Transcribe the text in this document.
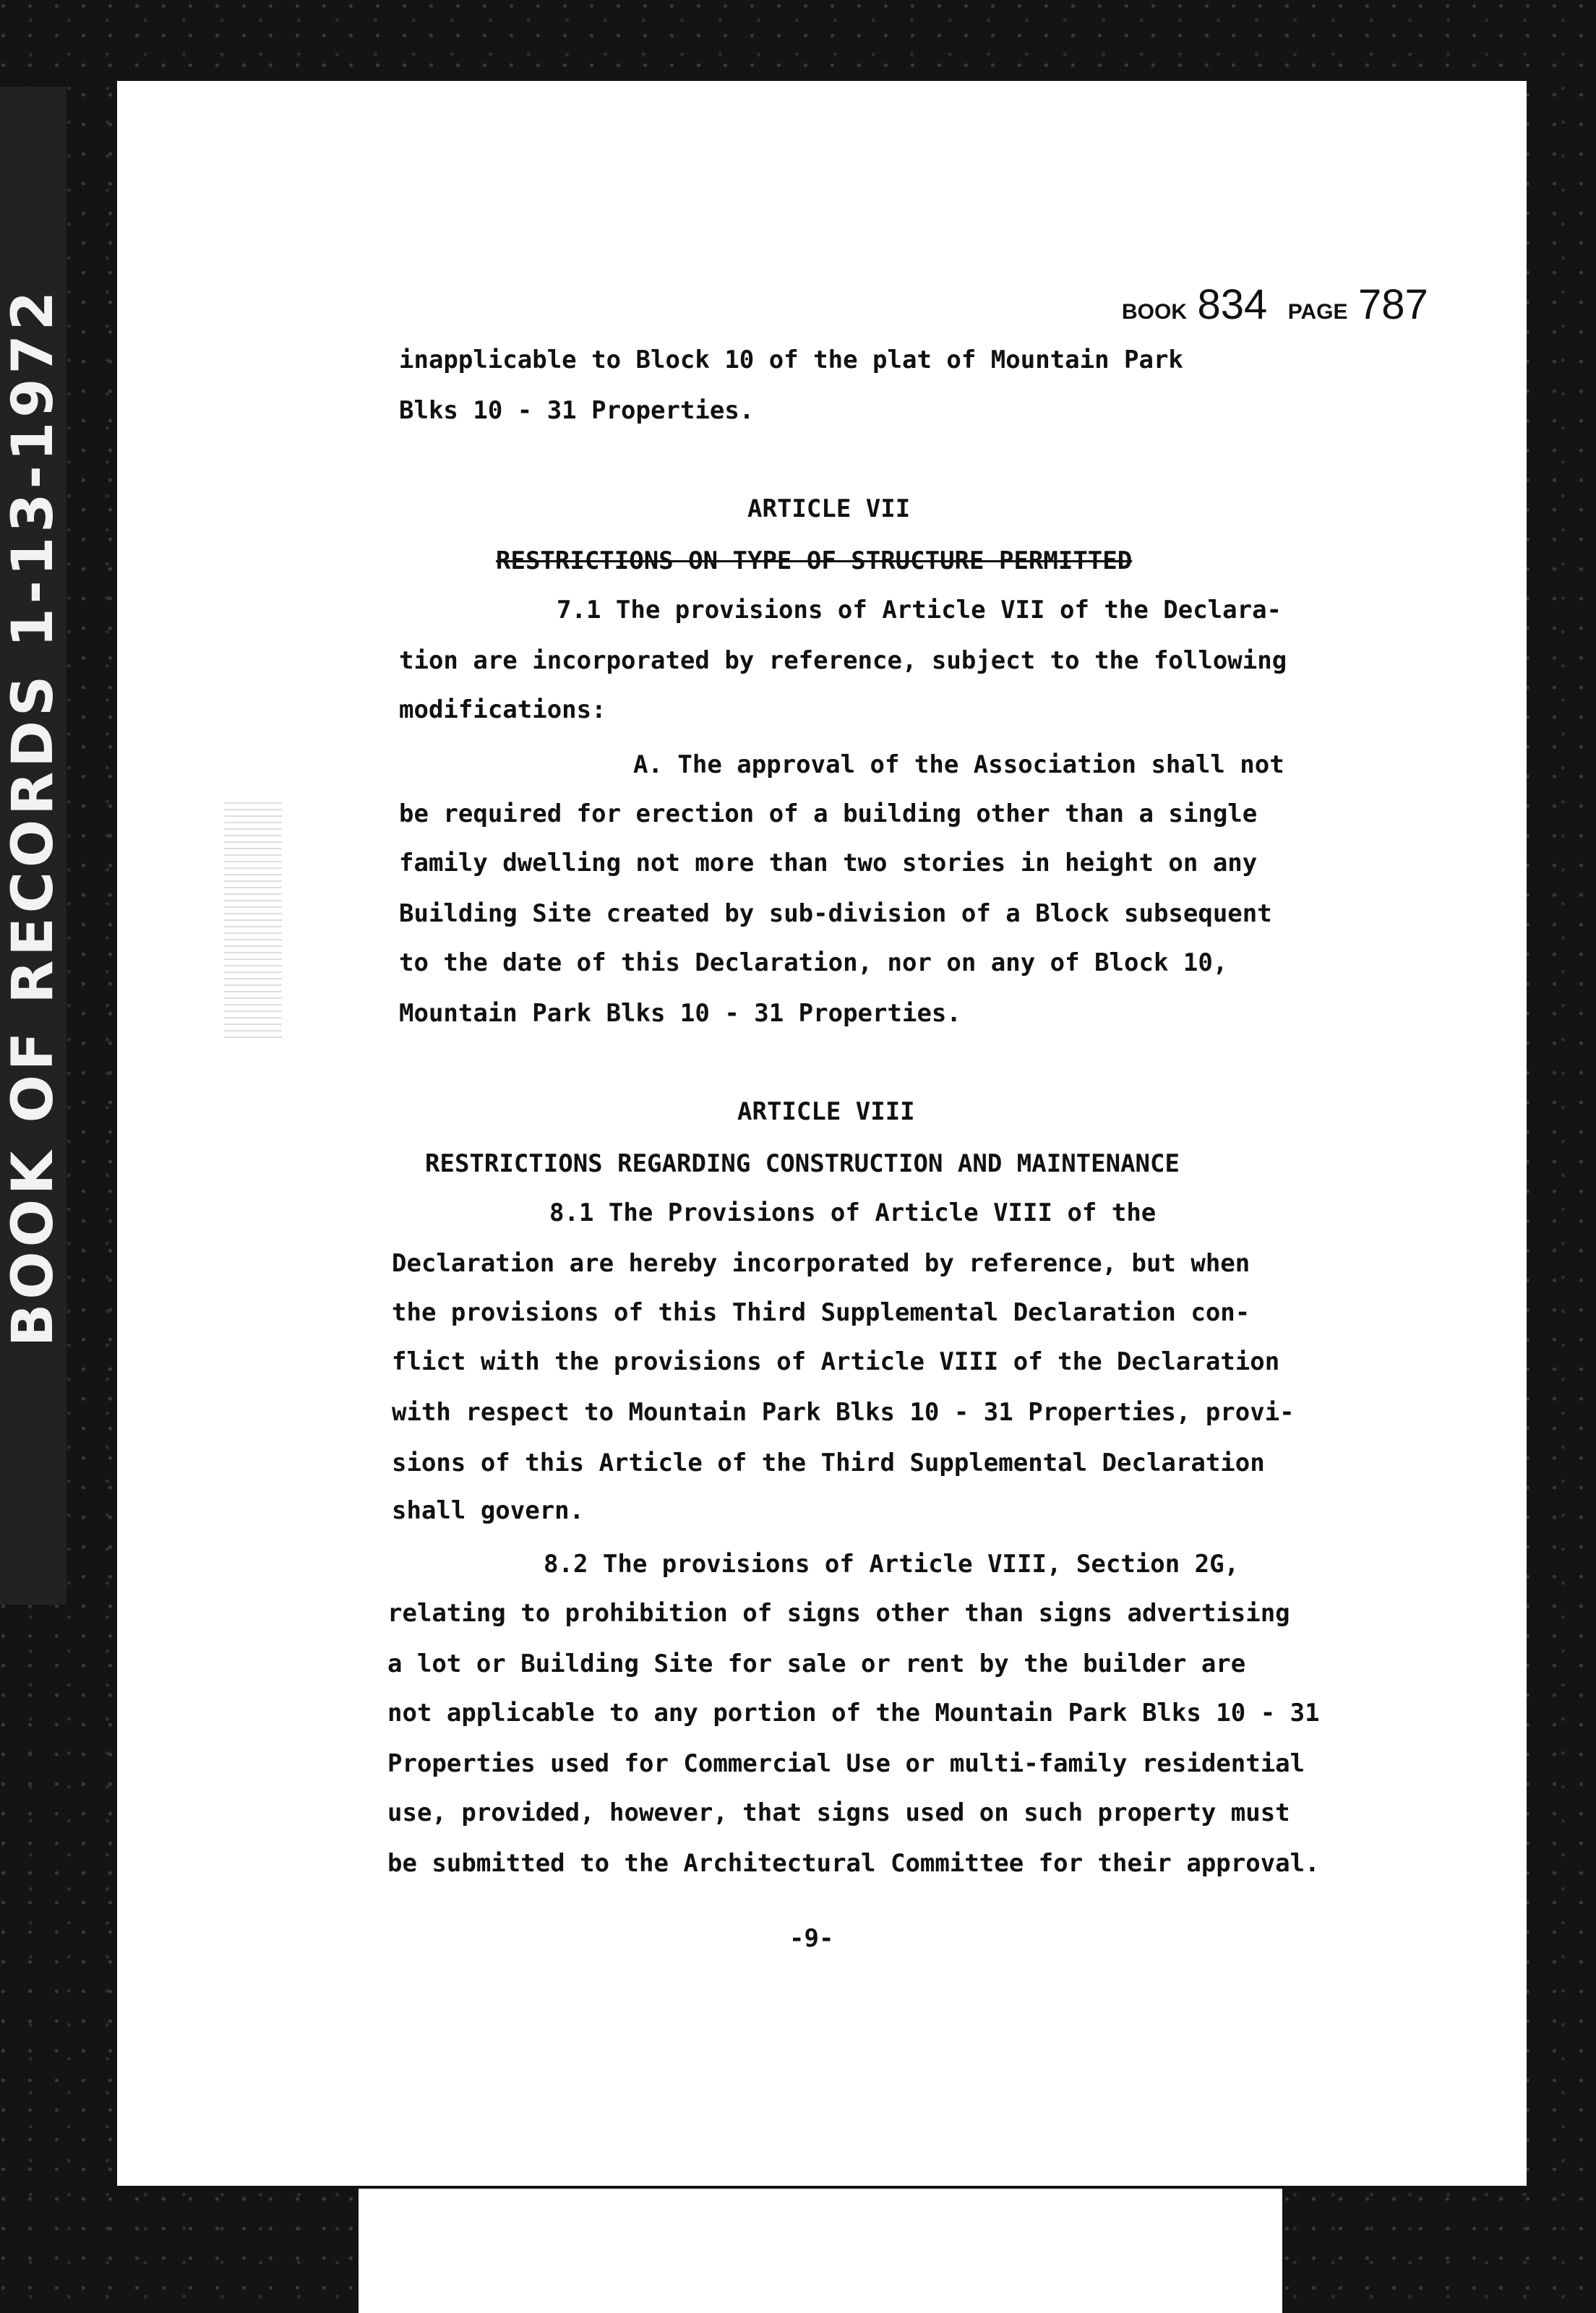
BOOK OF RECORDS 1-13-1972	BOOK 834 PAGE 787

inapplicable to Block 10 of the plat of Mountain Park

Blks 10 - 31 Properties.

ARTICLE VII

RESTRICTIONS ON TYPE OF STRUCTURE PERMITTED

7.1 The provisions of Article VII of the Declara-

tion are incorporated by reference, subject to the following

modifications:

A. The approval of the Association shall not

be required for erection of a building other than a single

family dwelling not more than two stories in height on any

Building Site created by sub-division of a Block subsequent

to the date of this Declaration, nor on any of Block 10,

Mountain Park Blks 10 - 31 Properties.

ARTICLE VIII

RESTRICTIONS REGARDING CONSTRUCTION AND MAINTENANCE

8.1 The Provisions of Article VIII of the

Declaration are hereby incorporated by reference, but when

the provisions of this Third Supplemental Declaration con-

flict with the provisions of Article VIII of the Declaration

with respect to Mountain Park Blks 10 - 31 Properties, provi-

sions of this Article of the Third Supplemental Declaration

shall govern.

8.2 The provisions of Article VIII, Section 2G,

relating to prohibition of signs other than signs advertising

a lot or Building Site for sale or rent by the builder are

not applicable to any portion of the Mountain Park Blks 10 - 31

Properties used for Commercial Use or multi-family residential

use, provided, however, that signs used on such property must

be submitted to the Architectural Committee for their approval.

-9-
